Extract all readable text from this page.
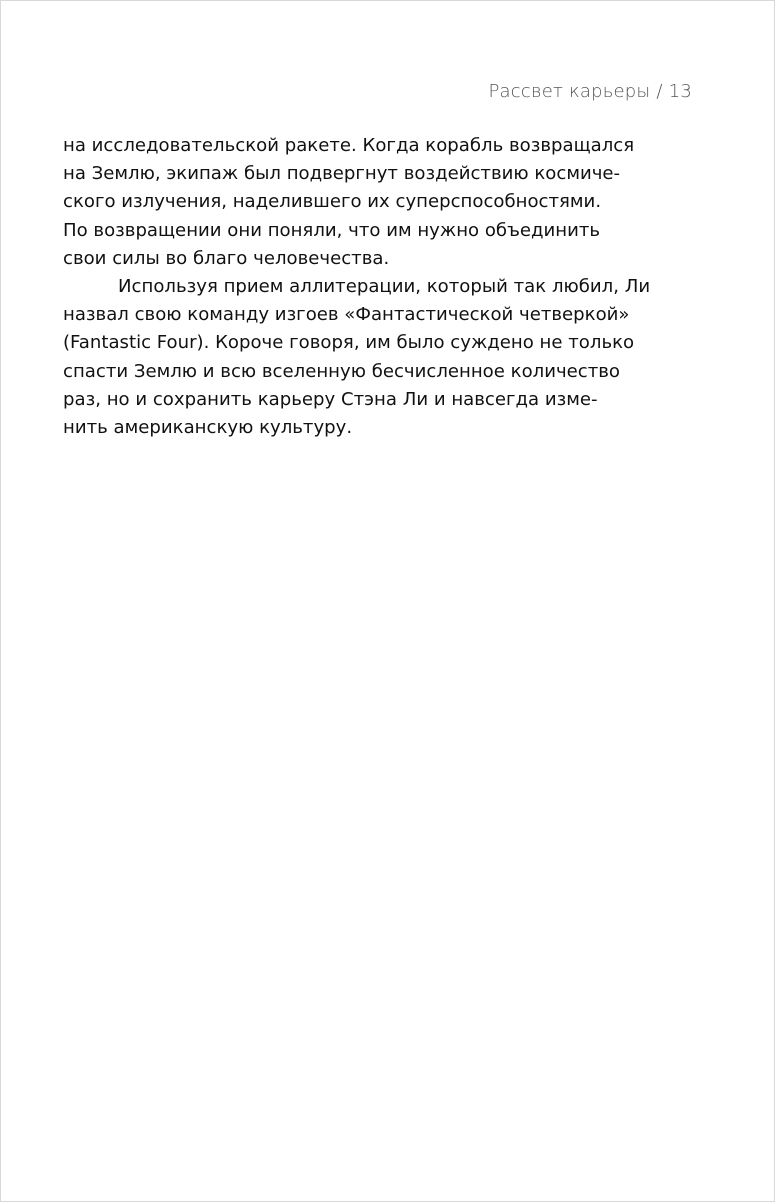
Рассвет карьеры / 13
на исследовательской ракете. Когда корабль возвращался
на Землю, экипаж был подвергнут воздействию космиче-
ского излучения, наделившего их суперспособностями.
По возвращении они поняли, что им нужно объединить
свои силы во благо человечества.
Используя прием аллитерации, который так любил, Ли
назвал свою команду изгоев «Фантастической четверкой»
(Fantastic Four). Короче говоря, им было суждено не только
спасти Землю и всю вселенную бесчисленное количество
раз, но и сохранить карьеру Стэна Ли и навсегда изме-
нить американскую культуру.
